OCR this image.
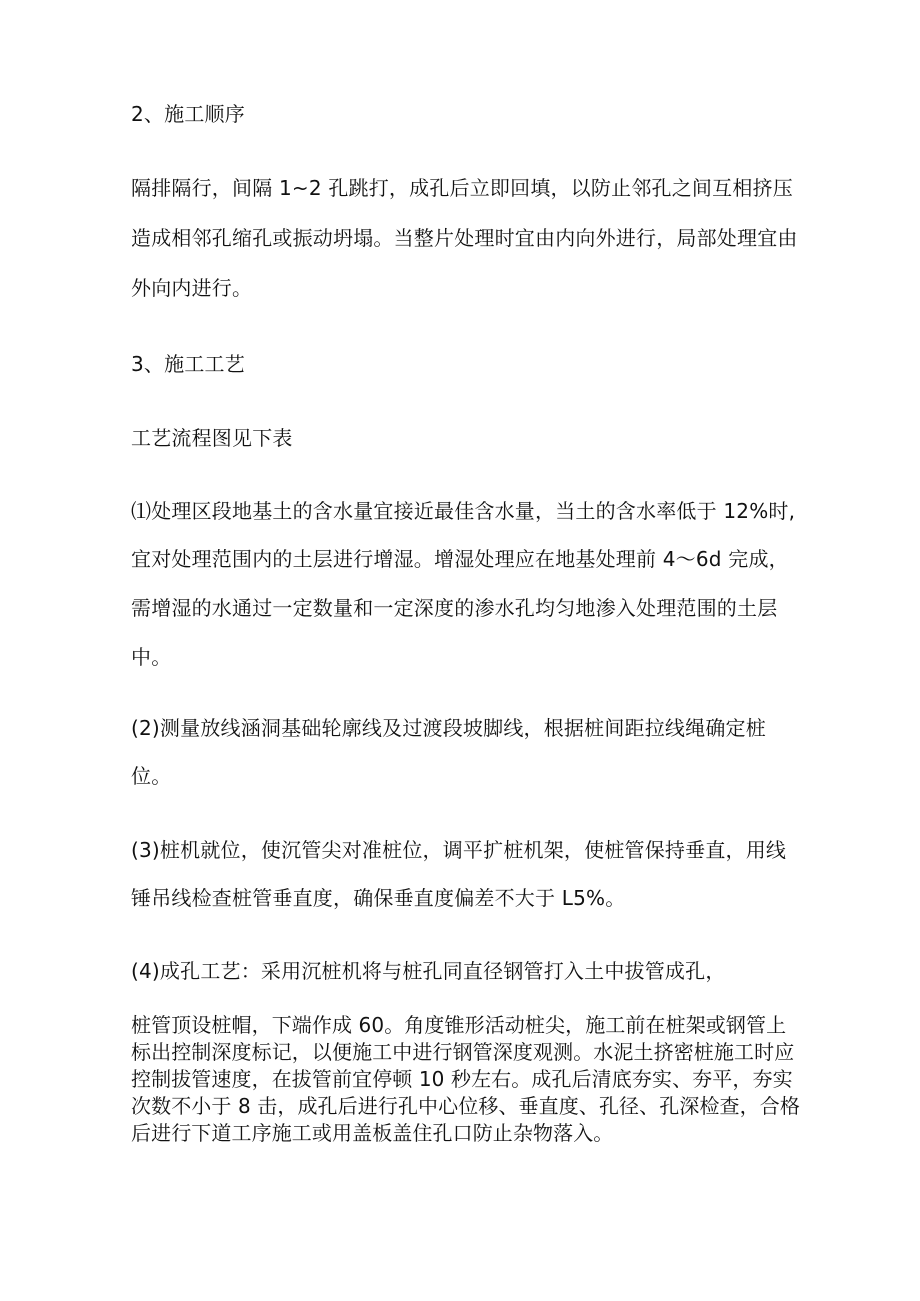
2、施工顺序
隔排隔行，间隔 1~2 孔跳打，成孔后立即回填，以防止邻孔之间互相挤压
造成相邻孔缩孔或振动坍塌。当整片处理时宜由内向外进行，局部处理宜由
外向内进行。
3、施工工艺
工艺流程图见下表
⑴处理区段地基土的含水量宜接近最佳含水量，当土的含水率低于 12%时,
宜对处理范围内的土层进行增湿。增湿处理应在地基处理前 4～6d 完成，
需增湿的水通过一定数量和一定深度的渗水孔均匀地渗入处理范围的土层
中。
(2)测量放线涵洞基础轮廓线及过渡段坡脚线，根据桩间距拉线绳确定桩
位。
(3)桩机就位，使沉管尖对准桩位，调平扩桩机架，使桩管保持垂直，用线
锤吊线检查桩管垂直度，确保垂直度偏差不大于 L5%。
(4)成孔工艺：采用沉桩机将与桩孔同直径钢管打入土中拔管成孔，
桩管顶设桩帽，下端作成 60。角度锥形活动桩尖，施工前在桩架或钢管上
标出控制深度标记，以便施工中进行钢管深度观测。水泥土挤密桩施工时应
控制拔管速度，在拔管前宜停顿 10 秒左右。成孔后清底夯实、夯平，夯实
次数不小于 8 击，成孔后进行孔中心位移、垂直度、孔径、孔深检查，合格
后进行下道工序施工或用盖板盖住孔口防止杂物落入。
